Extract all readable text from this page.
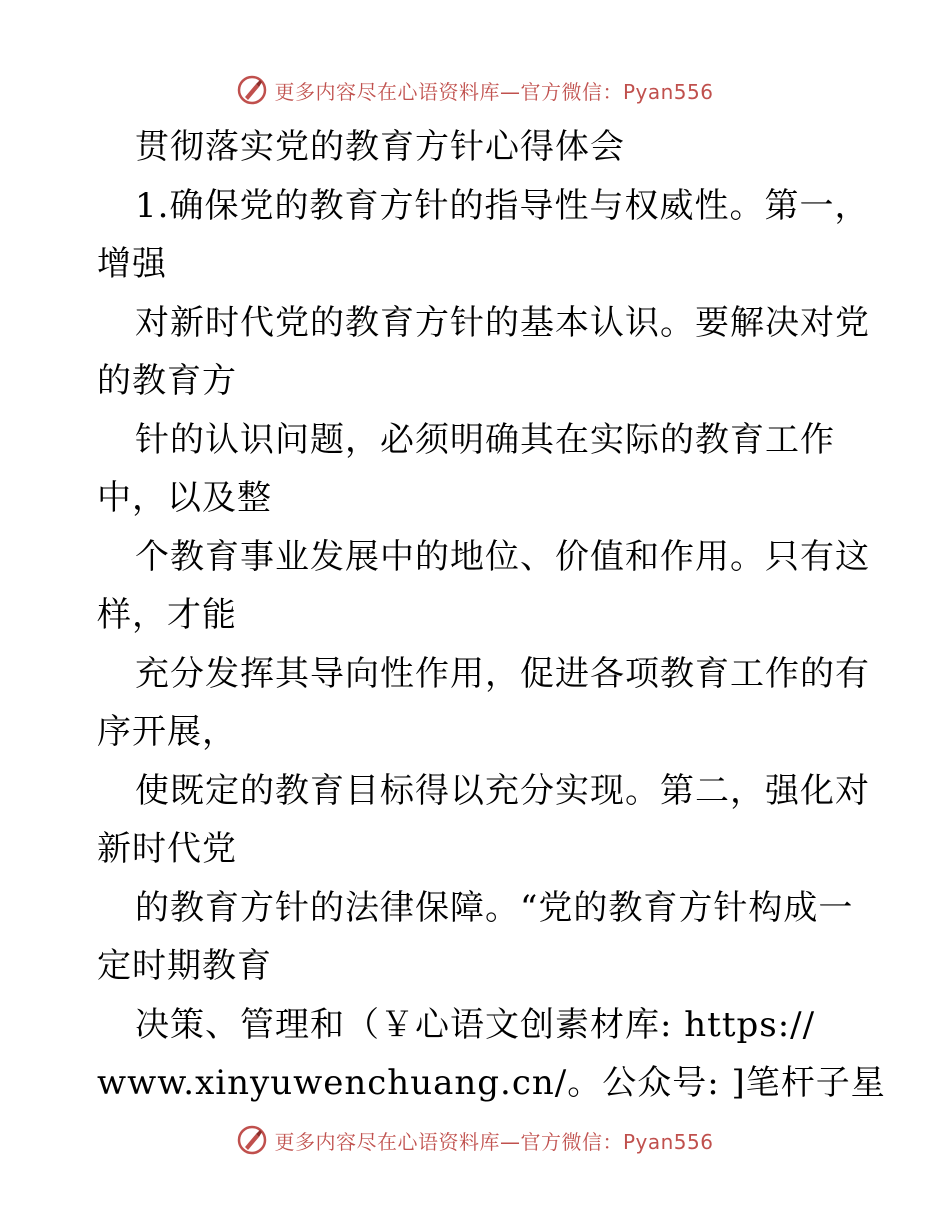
更多内容尽在心语资料库—官方微信：Pyan556
贯彻落实党的教育方针心得体会
1.确保党的教育方针的指导性与权威性。第一，
增强
对新时代党的教育方针的基本认识。要解决对党
的教育方
针的认识问题，必须明确其在实际的教育工作
中，以及整
个教育事业发展中的地位、价值和作用。只有这
样，才能
充分发挥其导向性作用，促进各项教育工作的有
序开展，
使既定的教育目标得以充分实现。第二，强化对
新时代党
的教育方针的法律保障。“党的教育方针构成一
定时期教育
决策、管理和（￥心语文创素材库: https://
www.xinyuwenchuang.cn/。公众号: ]笔杆子星
更多内容尽在心语资料库—官方微信：Pyan556
